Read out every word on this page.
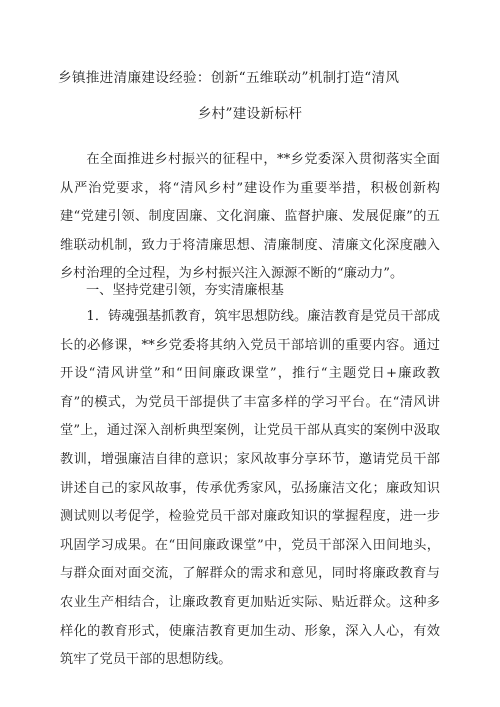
乡镇推进清廉建设经验：创新“五维联动”机制打造“清风
乡村”建设新标杆

在全面推进乡村振兴的征程中，**乡党委深入贯彻落实全面从严治党要求，将“清风乡村”建设作为重要举措，积极创新构建“党建引领、制度固廉、文化润廉、监督护廉、发展促廉”的五维联动机制，致力于将清廉思想、清廉制度、清廉文化深度融入乡村治理的全过程，为乡村振兴注入源源不断的“廉动力”。

一、坚持党建引领，夯实清廉根基

1．铸魂强基抓教育，筑牢思想防线。廉洁教育是党员干部成长的必修课，**乡党委将其纳入党员干部培训的重要内容。通过开设“清风讲堂”和“田间廉政课堂”，推行“主题党日+廉政教育”的模式，为党员干部提供了丰富多样的学习平台。在“清风讲堂”上，通过深入剖析典型案例，让党员干部从真实的案例中汲取教训，增强廉洁自律的意识；家风故事分享环节，邀请党员干部讲述自己的家风故事，传承优秀家风，弘扬廉洁文化；廉政知识测试则以考促学，检验党员干部对廉政知识的掌握程度，进一步巩固学习成果。在“田间廉政课堂”中，党员干部深入田间地头，与群众面对面交流，了解群众的需求和意见，同时将廉政教育与农业生产相结合，让廉政教育更加贴近实际、贴近群众。这种多样化的教育形式，使廉洁教育更加生动、形象，深入人心，有效筑牢了党员干部的思想防线。
